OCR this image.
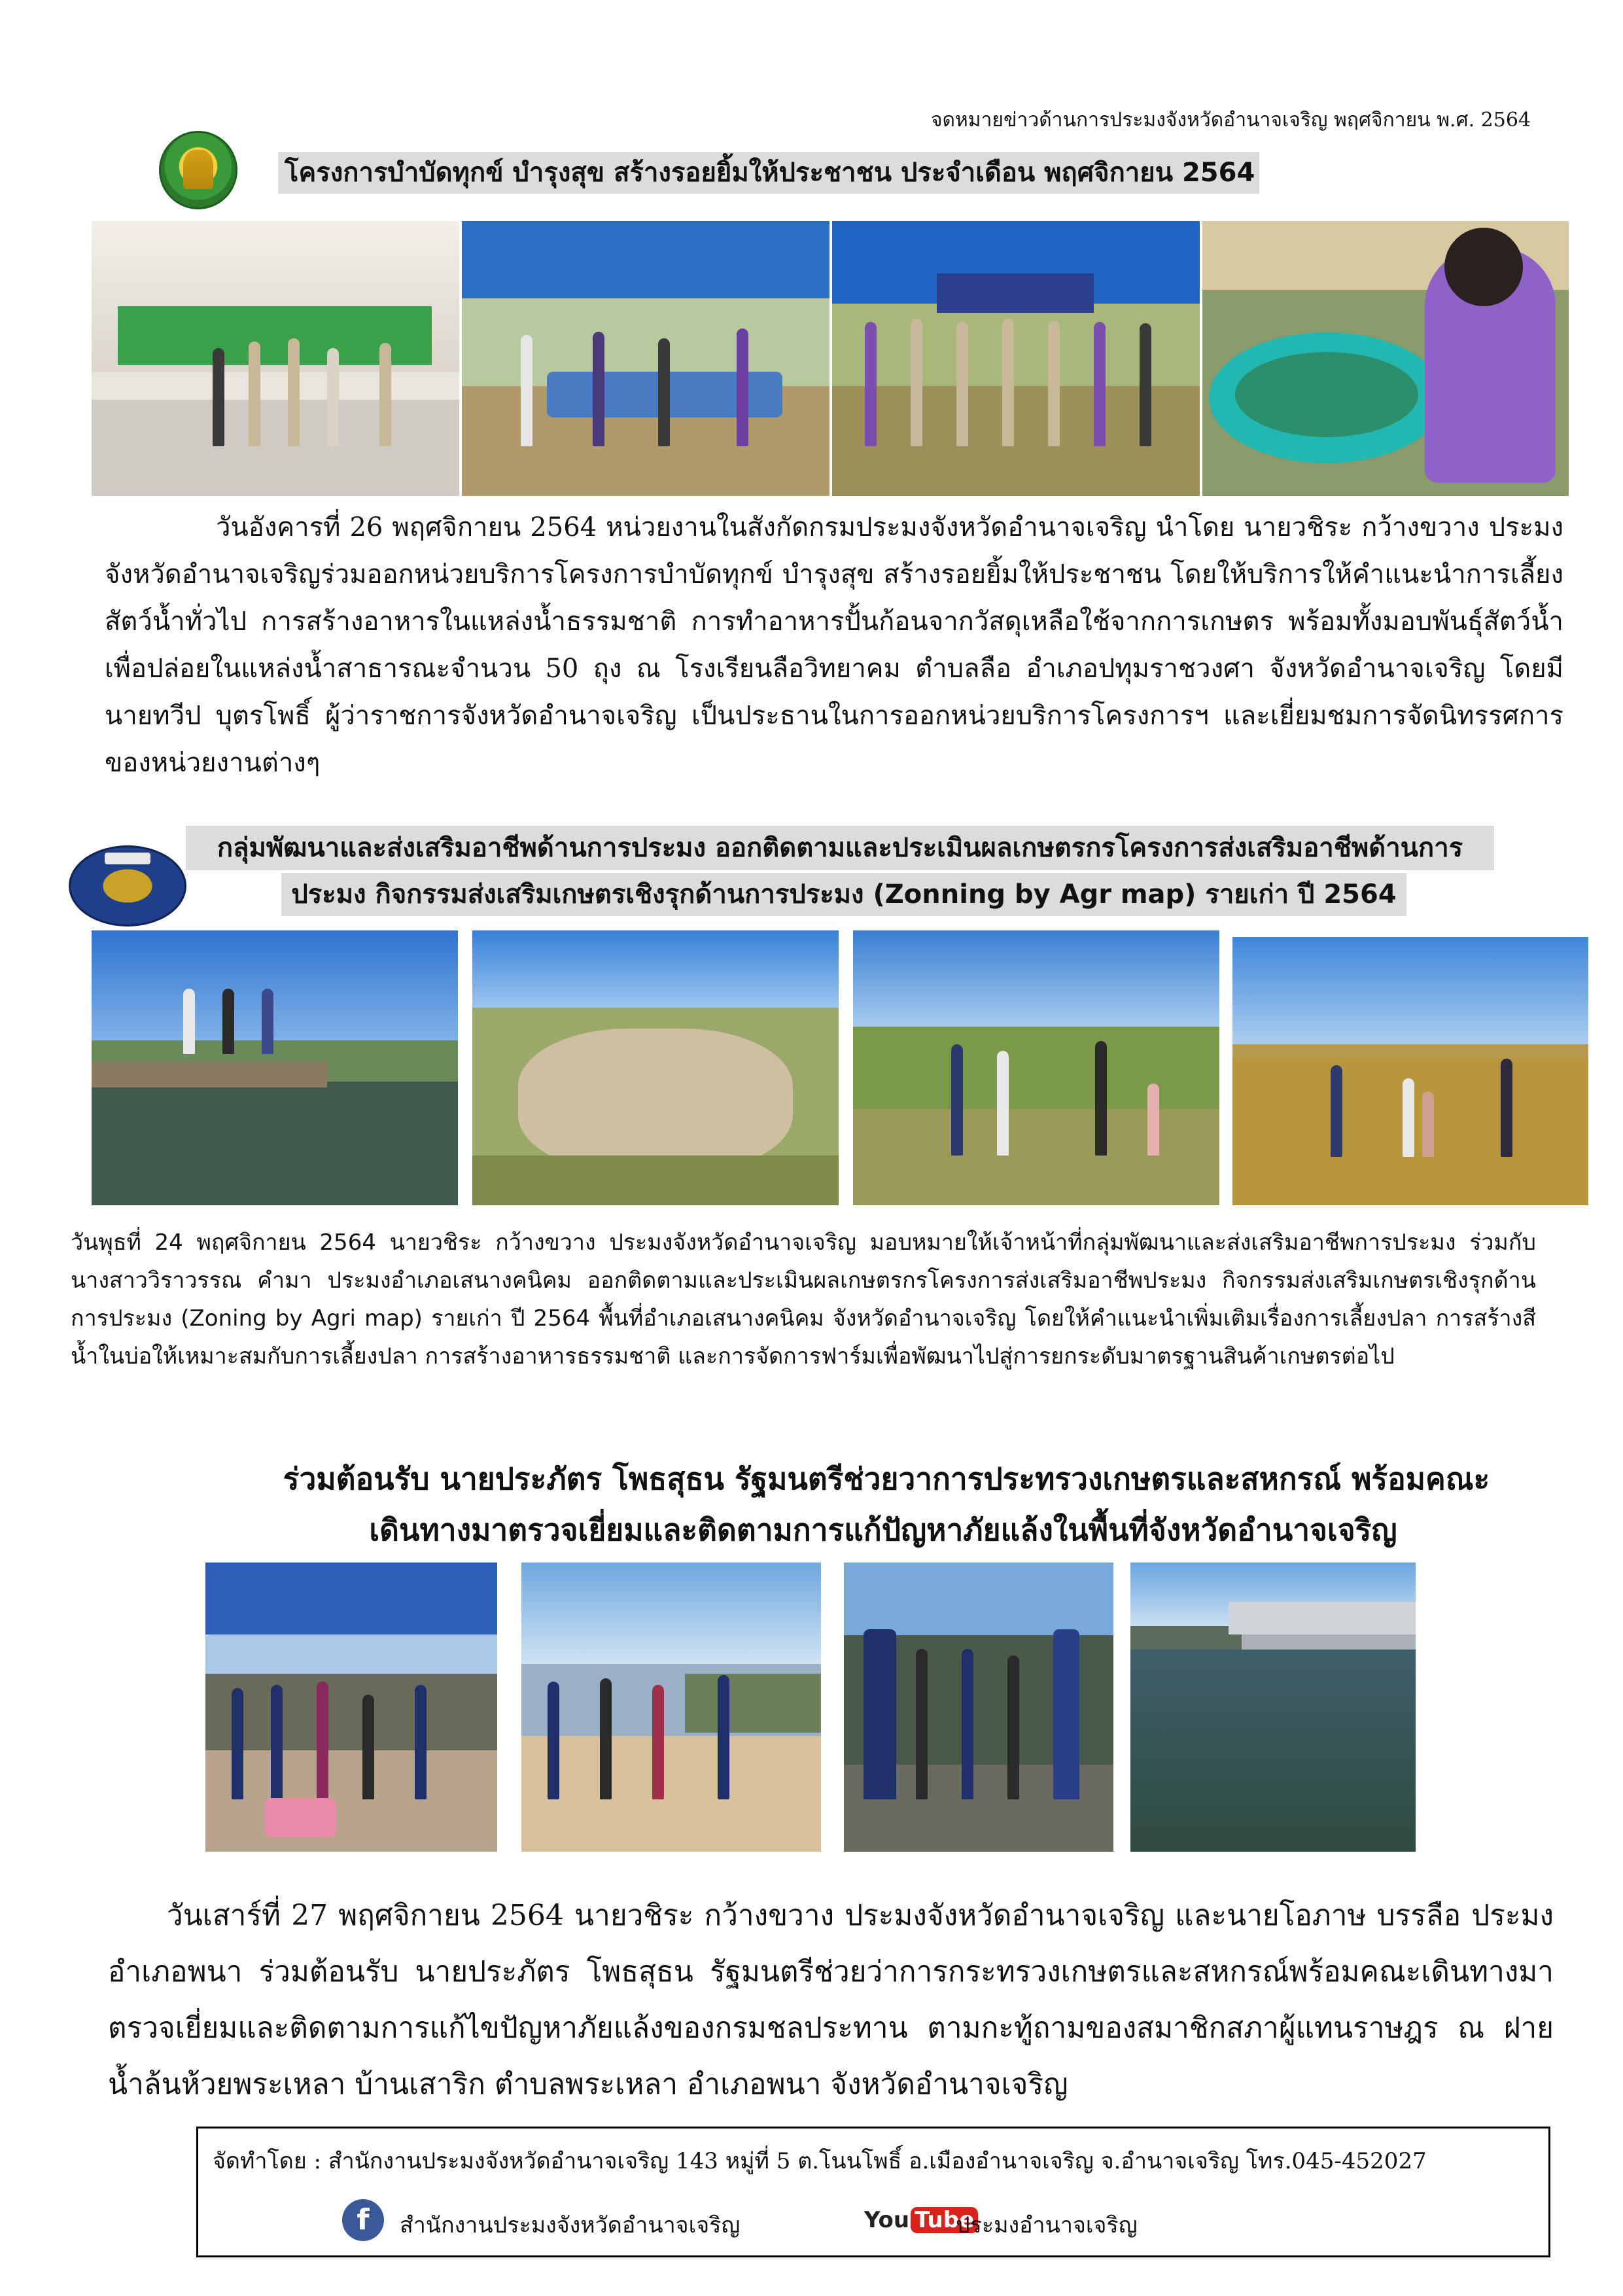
จดหมายข่าวด้านการประมงจังหวัดอำนาจเจริญ พฤศจิกายน พ.ศ. 2564
โครงการบำบัดทุกข์ บำรุงสุข สร้างรอยยิ้มให้ประชาชน ประจำเดือน พฤศจิกายน 2564

วันอังคารที่ 26 พฤศจิกายน 2564 หน่วยงานในสังกัดกรมประมงจังหวัดอำนาจเจริญ นำโดย นายวชิระ กว้างขวาง ประมงจังหวัดอำนาจเจริญร่วมออกหน่วยบริการโครงการบำบัดทุกข์ บำรุงสุข สร้างรอยยิ้มให้ประชาชน โดยให้บริการให้คำแนะนำการเลี้ยงสัตว์น้ำทั่วไป การสร้างอาหารในแหล่งน้ำธรรมชาติ การทำอาหารปั้นก้อนจากวัสดุเหลือใช้จากการเกษตร พร้อมทั้งมอบพันธุ์สัตว์น้ำเพื่อปล่อยในแหล่งน้ำสาธารณะจำนวน 50 ถุง ณ โรงเรียนลือวิทยาคม ตำบลลือ อำเภอปทุมราชวงศา จังหวัดอำนาจเจริญ โดยมี นายทวีป บุตรโพธิ์ ผู้ว่าราชการจังหวัดอำนาจเจริญ เป็นประธานในการออกหน่วยบริการโครงการฯ และเยี่ยมชมการจัดนิทรรศการของหน่วยงานต่างๆ

กลุ่มพัฒนาและส่งเสริมอาชีพด้านการประมง ออกติดตามและประเมินผลเกษตรกรโครงการส่งเสริมอาชีพด้านการ
ประมง กิจกรรมส่งเสริมเกษตรเชิงรุกด้านการประมง (Zonning by Agr map) รายเก่า ปี 2564

วันพุธที่ 24 พฤศจิกายน 2564 นายวชิระ กว้างขวาง ประมงจังหวัดอำนาจเจริญ มอบหมายให้เจ้าหน้าที่กลุ่มพัฒนาและส่งเสริมอาชีพการประมง ร่วมกับ นางสาววิราวรรณ คำมา ประมงอำเภอเสนางคนิคม ออกติดตามและประเมินผลเกษตรกรโครงการส่งเสริมอาชีพประมง กิจกรรมส่งเสริมเกษตรเชิงรุกด้านการประมง (Zoning by Agri map) รายเก่า ปี 2564 พื้นที่อำเภอเสนางคนิคม จังหวัดอำนาจเจริญ โดยให้คำแนะนำเพิ่มเติมเรื่องการเลี้ยงปลา การสร้างสีน้ำในบ่อให้เหมาะสมกับการเลี้ยงปลา การสร้างอาหารธรรมชาติ และการจัดการฟาร์มเพื่อพัฒนาไปสู่การยกระดับมาตรฐานสินค้าเกษตรต่อไป

ร่วมต้อนรับ นายประภัตร โพธสุธน รัฐมนตรีช่วยวาการประทรวงเกษตรและสหกรณ์ พร้อมคณะ
เดินทางมาตรวจเยี่ยมและติดตามการแก้ปัญหาภัยแล้งในพื้นที่จังหวัดอำนาจเจริญ

วันเสาร์ที่ 27 พฤศจิกายน 2564 นายวชิระ กว้างขวาง ประมงจังหวัดอำนาจเจริญ และนายโอภาษ บรรลือ ประมงอำเภอพนา ร่วมต้อนรับ นายประภัตร โพธสุธน รัฐมนตรีช่วยว่าการกระทรวงเกษตรและสหกรณ์พร้อมคณะเดินทางมาตรวจเยี่ยมและติดตามการแก้ไขปัญหาภัยแล้งของกรมชลประทาน ตามกะทู้ถามของสมาชิกสภาผู้แทนราษฎร ณ ฝายน้ำล้นห้วยพระเหลา บ้านเสาริก ตำบลพระเหลา อำเภอพนา จังหวัดอำนาจเจริญ

จัดทำโดย : สำนักงานประมงจังหวัดอำนาจเจริญ 143 หมู่ที่ 5 ต.โนนโพธิ์ อ.เมืองอำนาจเจริญ จ.อำนาจเจริญ โทร.045-452027
f	สำนักงานประมงจังหวัดอำนาจเจริญ	You Tube
ประมงอำนาจเจริญ
